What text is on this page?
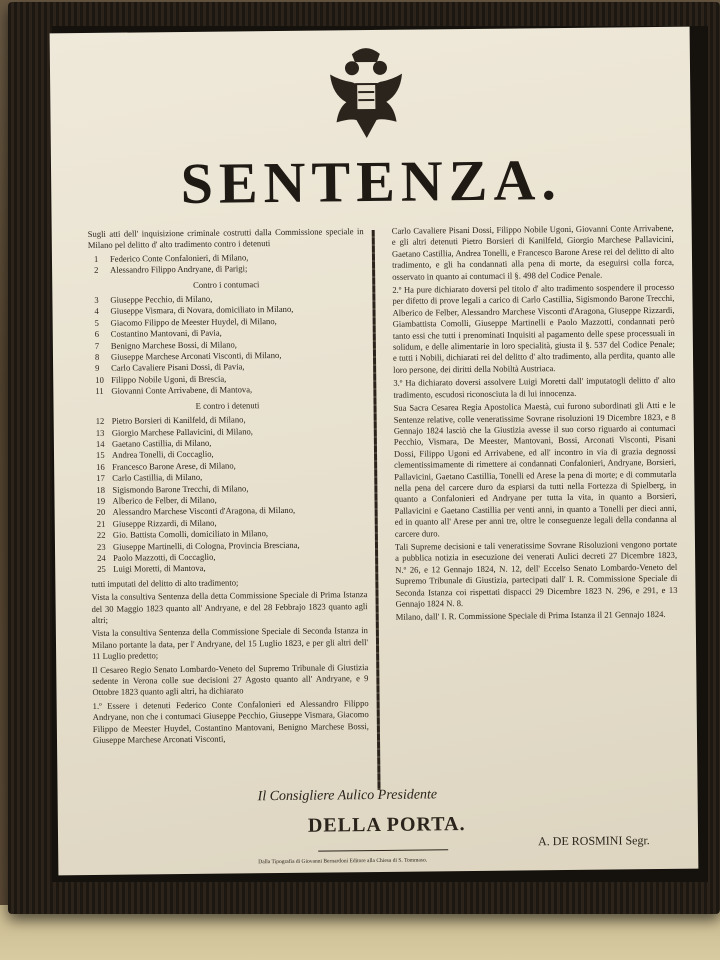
SENTENZA.

Sugli atti dell' inquisizione criminale costrutti dalla Commissione speciale in Milano pel delitto d' alto tradimento contro i detenuti

1 Federico Conte Confalonieri, di Milano,
2 Alessandro Filippo Andryane, di Parigi;
Contro i contumaci
3 Giuseppe Pecchio, di Milano,
4 Giuseppe Vismara, di Novara, domiciliato in Milano,
5 Giacomo Filippo de Meester Huydel, di Milano,
6 Costantino Mantovani, di Pavia,
7 Benigno Marchese Bossi, di Milano,
8 Giuseppe Marchese Arconati Visconti, di Milano,
9 Carlo Cavaliere Pisani Dossi, di Pavia,
10 Filippo Nobile Ugoni, di Brescia,
11 Giovanni Conte Arrivabene, di Mantova,
E contro i detenuti
12 Pietro Borsieri di Kanilfeld, di Milano,
13 Giorgio Marchese Pallavicini, di Milano,
14 Gaetano Castillia, di Milano,
15 Andrea Tonelli, di Coccaglio,
16 Francesco Barone Arese, di Milano,
17 Carlo Castillia, di Milano,
18 Sigismondo Barone Trecchi, di Milano,
19 Alberico de Felber, di Milano,
20 Alessandro Marchese Visconti d'Aragona, di Milano,
21 Giuseppe Rizzardi, di Milano,
22 Gio. Battista Comolli, domiciliato in Milano,
23 Giuseppe Martinelli, di Cologna, Provincia Bresciana,
24 Paolo Mazzotti, di Coccaglio,
25 Luigi Moretti, di Mantova,

tutti imputati del delitto di alto tradimento;

Vista la consultiva Sentenza della detta Commissione Speciale di Prima Istanza del 30 Maggio 1823 quanto all' Andryane, e del 28 Febbrajo 1823 quanto agli altri;

Vista la consultiva Sentenza della Commissione Speciale di Seconda Istanza in Milano portante la data, per l' Andryane, del 15 Luglio 1823, e per gli altri dell' 11 Luglio predetto;

Il Cesareo Regio Senato Lombardo-Veneto del Supremo Tribunale di Giustizia sedente in Verona colle sue decisioni 27 Agosto quanto all' Andryane, e 9 Ottobre 1823 quanto agli altri, ha dichiarato

1.º Essere i detenuti Federico Conte Confalonieri ed Alessandro Filippo Andryane, non che i contumaci Giuseppe Pecchio, Giuseppe Vismara, Giacomo Filippo de Meester Huydel, Costantino Mantovani, Benigno Marchese Bossi, Giuseppe Marchese Arconati Visconti,

Carlo Cavaliere Pisani Dossi, Filippo Nobile Ugoni, Giovanni Conte Arrivabene, e gli altri detenuti Pietro Borsieri di Kanilfeld, Giorgio Marchese Pallavicini, Gaetano Castillia, Andrea Tonelli, e Francesco Barone Arese rei del delitto di alto tradimento, e gli ha condannati alla pena di morte, da eseguirsi colla forca, osservato in quanto ai contumaci il §. 498 del Codice Penale.

2.º Ha pure dichiarato doversi pel titolo d' alto tradimento sospendere il processo per difetto di prove legali a carico di Carlo Castillia, Sigismondo Barone Trecchi, Alberico de Felber, Alessandro Marchese Visconti d'Aragona, Giuseppe Rizzardi, Giambattista Comolli, Giuseppe Martinelli e Paolo Mazzotti, condannati però tanto essi che tutti i prenominati Inquisiti al pagamento delle spese processuali in solidum, e delle alimentarie in loro specialità, giusta il §. 537 del Codice Penale; e tutti i Nobili, dichiarati rei del delitto d' alto tradimento, alla perdita, quanto alle loro persone, dei diritti della Nobiltà Austriaca.

3.º Ha dichiarato doversi assolvere Luigi Moretti dall' imputatogli delitto d' alto tradimento, escudosi riconosciuta la di lui innocenza.

Sua Sacra Cesarea Regia Apostolica Maestà, cui furono subordinati gli Atti e le Sentenze relative, colle veneratissime Sovrane risoluzioni 19 Dicembre 1823, e 8 Gennajo 1824 lasciò che la Giustizia avesse il suo corso riguardo ai contumaci Pecchio, Vismara, De Meester, Mantovani, Bossi, Arconati Visconti, Pisani Dossi, Filippo Ugoni ed Arrivabene, ed all' incontro in via di grazia degnossi clementissimamente di rimettere ai condannati Confalonieri, Andryane, Borsieri, Pallavicini, Gaetano Castillia, Tonelli ed Arese la pena di morte; e di commutarla nella pena del carcere duro da espiarsi da tutti nella Fortezza di Spielberg, in quanto a Confalonieri ed Andryane per tutta la vita, in quanto a Borsieri, Pallavicini e Gaetano Castillia per venti anni, in quanto a Tonelli per dieci anni, ed in quanto all' Arese per anni tre, oltre le conseguenze legali della condanna al carcere duro.

Tali Supreme decisioni e tali veneratissime Sovrane Risoluzioni vengono portate a pubblica notizia in esecuzione dei venerati Aulici decreti 27 Dicembre 1823, N.º 26, e 12 Gennajo 1824, N. 12, dell' Eccelso Senato Lombardo-Veneto del Supremo Tribunale di Giustizia, partecipati dall' I. R. Commissione Speciale di Seconda Istanza coi rispettati dispacci 29 Dicembre 1823 N. 296, e 291, e 13 Gennajo 1824 N. 8.

Milano, dall' I. R. Commissione Speciale di Prima Istanza il 21 Gennajo 1824.

Il Consigliere Aulico Presidente
DELLA PORTA.
A. DE ROSMINI Segr.
Dalla Tipografia di Giovanni Bernardoni Editore alla Chiesa di S. Tommaso.
